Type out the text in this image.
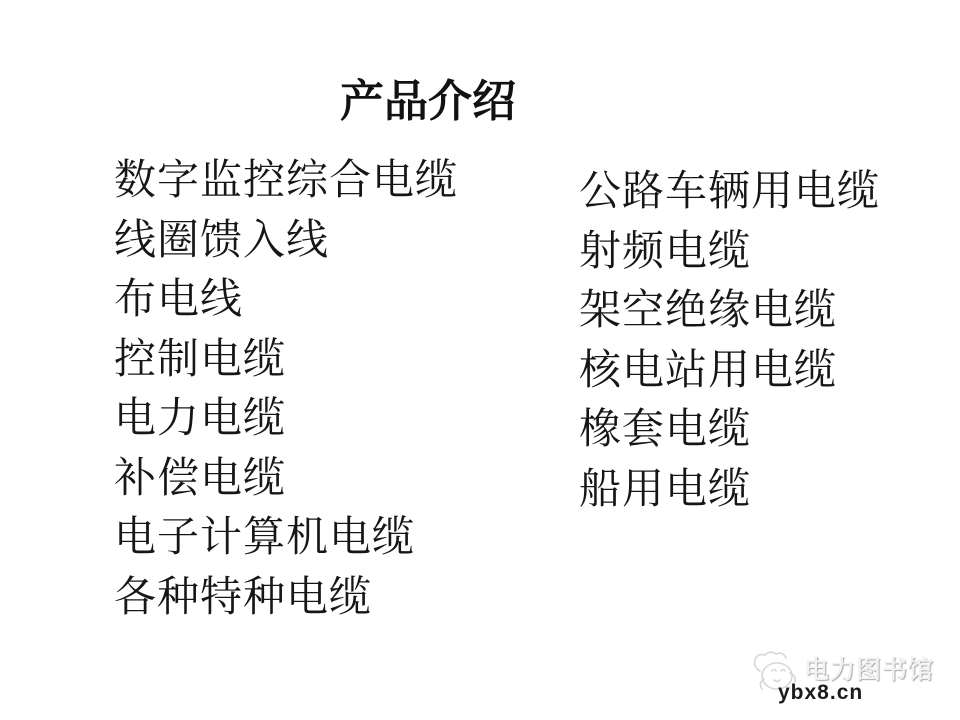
产品介绍
数字监控综合电缆
线圈馈入线
布电线
控制电缆
电力电缆
补偿电缆
电子计算机电缆
各种特种电缆
公路车辆用电缆
射频电缆
架空绝缘电缆
核电站用电缆
橡套电缆
船用电缆
电力图书馆
ybx8.cn
